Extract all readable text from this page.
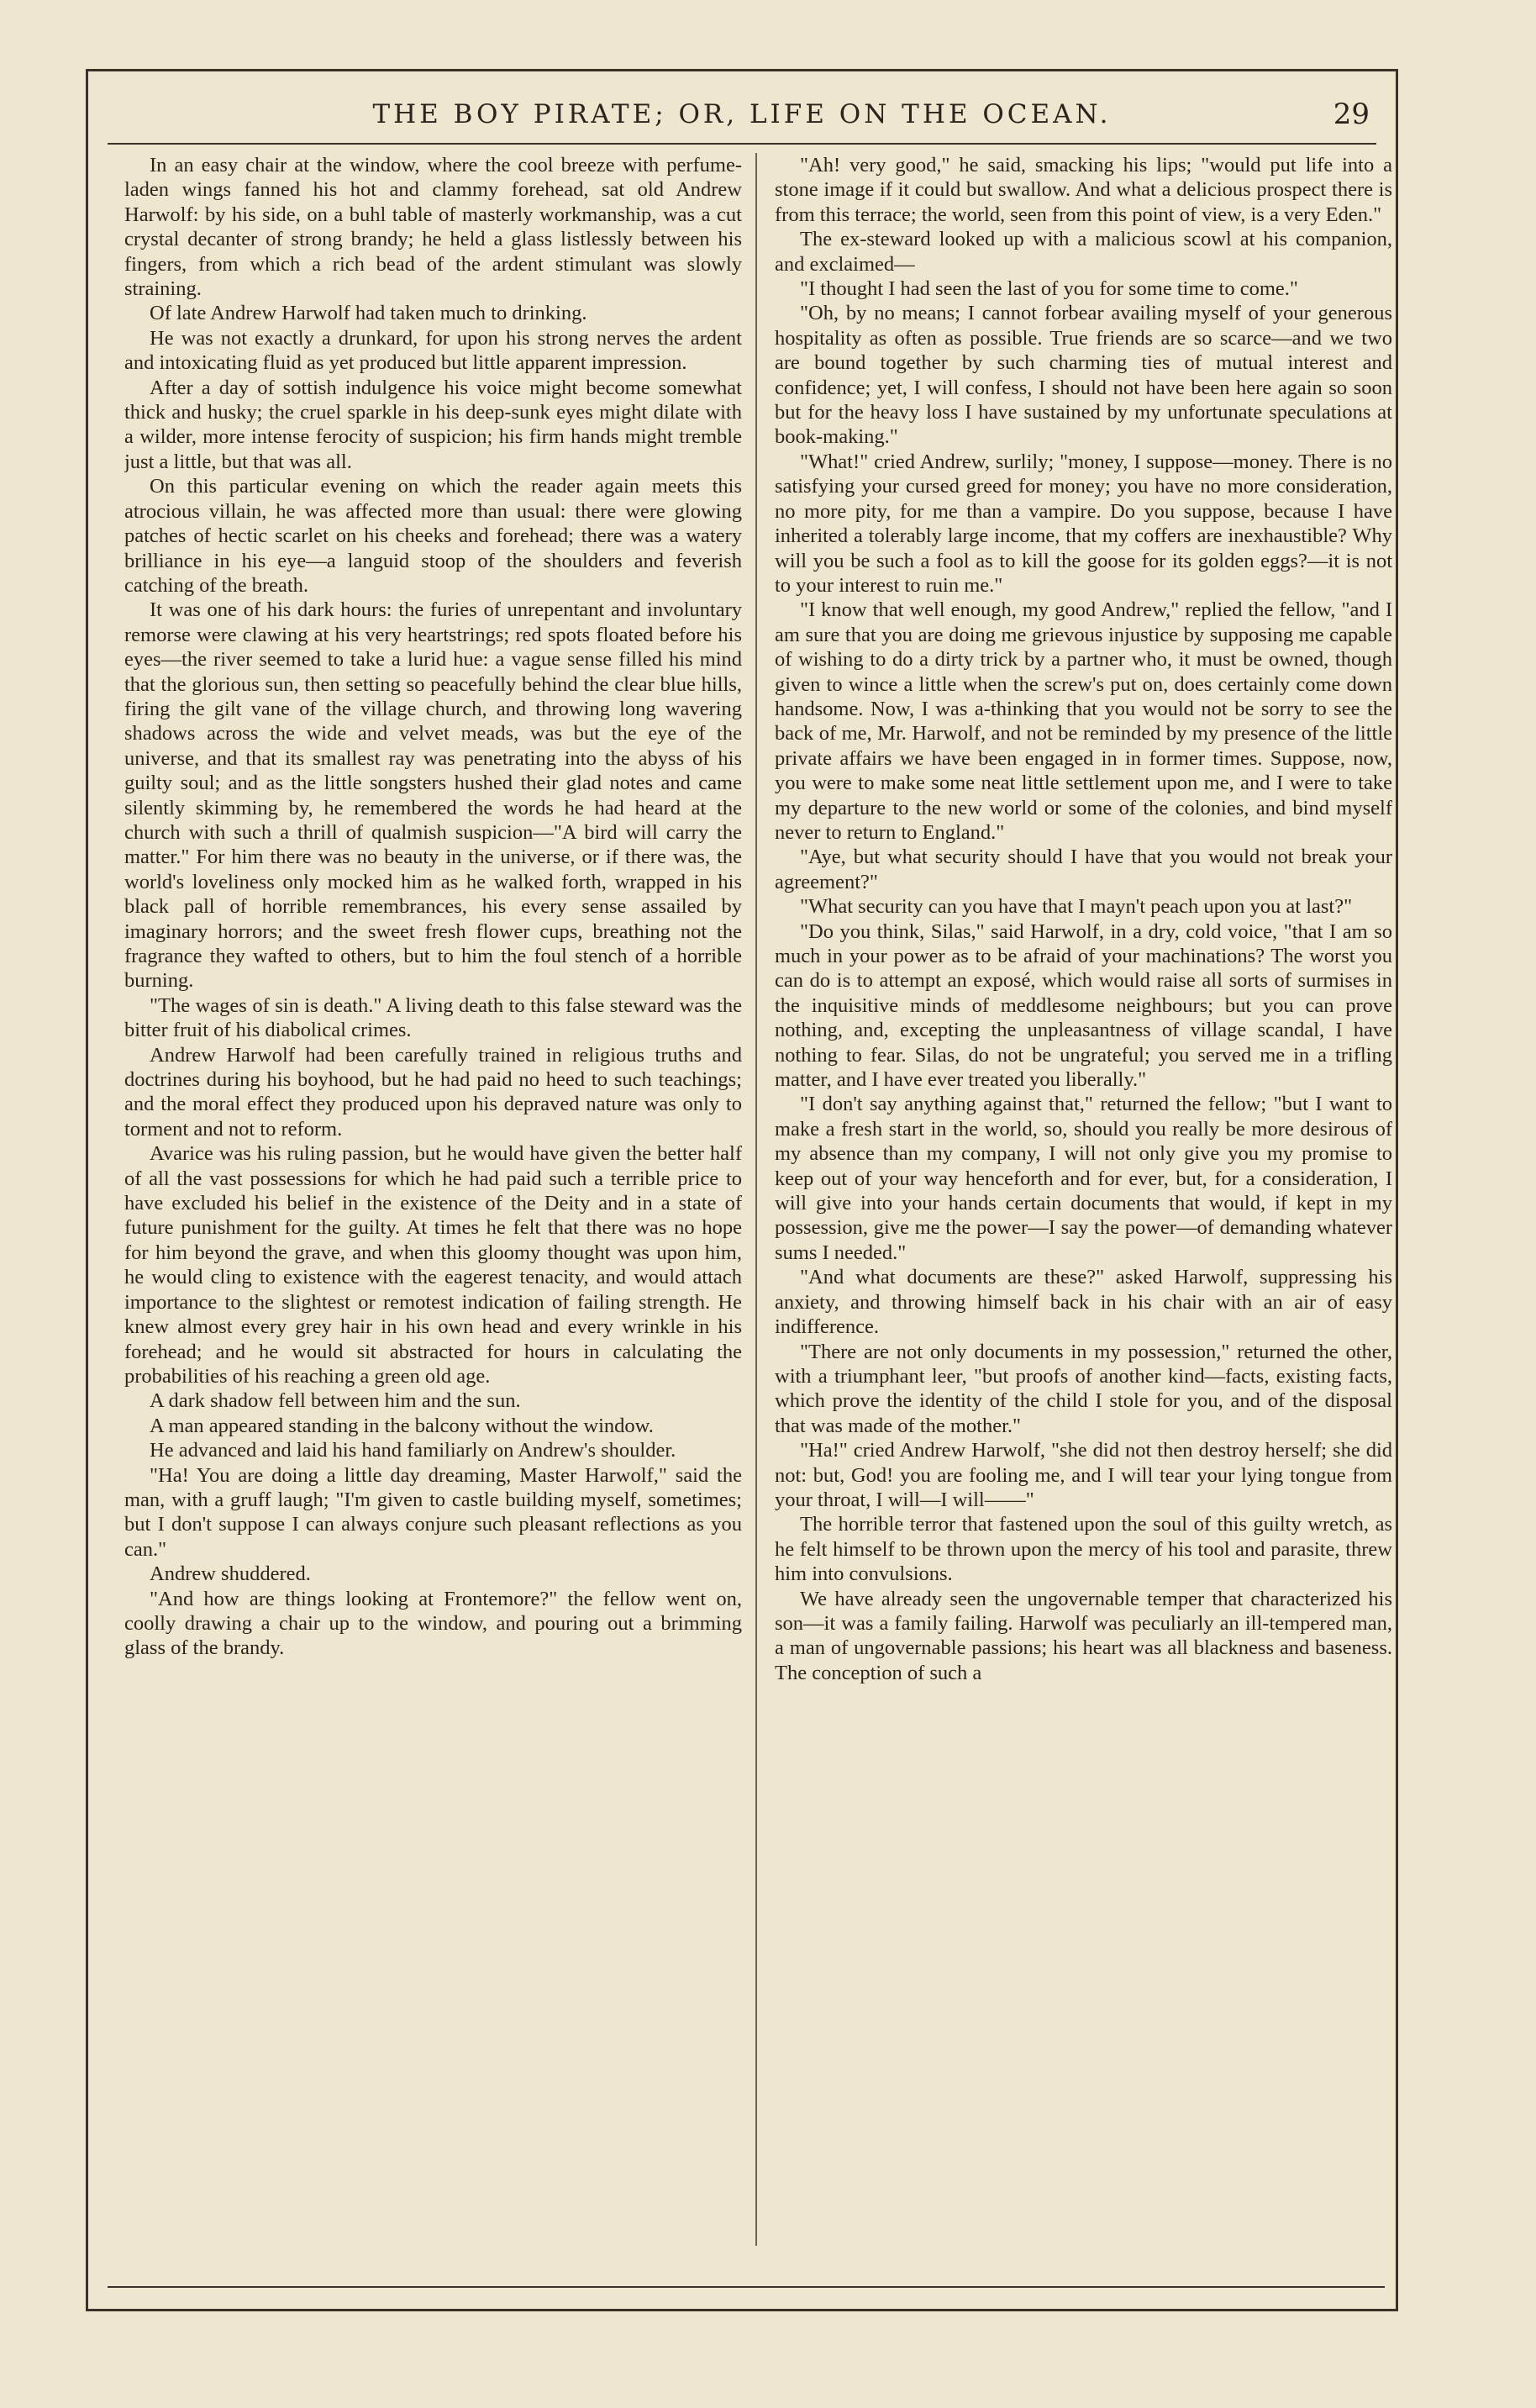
THE BOY PIRATE; OR, LIFE ON THE OCEAN.	29

In an easy chair at the window, where the cool breeze with perfume-laden wings fanned his hot and clammy forehead, sat old Andrew Harwolf: by his side, on a buhl table of masterly workmanship, was a cut crystal decanter of strong brandy; he held a glass listlessly between his fingers, from which a rich bead of the ardent stimulant was slowly straining.

Of late Andrew Harwolf had taken much to drinking.

He was not exactly a drunkard, for upon his strong nerves the ardent and intoxicating fluid as yet produced but little apparent impression.

After a day of sottish indulgence his voice might become somewhat thick and husky; the cruel sparkle in his deep-sunk eyes might dilate with a wilder, more intense ferocity of suspicion; his firm hands might tremble just a little, but that was all.

On this particular evening on which the reader again meets this atrocious villain, he was affected more than usual: there were glowing patches of hectic scarlet on his cheeks and forehead; there was a watery brilliance in his eye—a languid stoop of the shoulders and feverish catching of the breath.

It was one of his dark hours: the furies of unrepentant and involuntary remorse were clawing at his very heartstrings; red spots floated before his eyes—the river seemed to take a lurid hue: a vague sense filled his mind that the glorious sun, then setting so peacefully behind the clear blue hills, firing the gilt vane of the village church, and throwing long wavering shadows across the wide and velvet meads, was but the eye of the universe, and that its smallest ray was penetrating into the abyss of his guilty soul; and as the little songsters hushed their glad notes and came silently skimming by, he remembered the words he had heard at the church with such a thrill of qualmish suspicion—"A bird will carry the matter." For him there was no beauty in the universe, or if there was, the world's loveliness only mocked him as he walked forth, wrapped in his black pall of horrible remembrances, his every sense assailed by imaginary horrors; and the sweet fresh flower cups, breathing not the fragrance they wafted to others, but to him the foul stench of a horrible burning.

"The wages of sin is death." A living death to this false steward was the bitter fruit of his diabolical crimes.

Andrew Harwolf had been carefully trained in religious truths and doctrines during his boyhood, but he had paid no heed to such teachings; and the moral effect they produced upon his depraved nature was only to torment and not to reform.

Avarice was his ruling passion, but he would have given the better half of all the vast possessions for which he had paid such a terrible price to have excluded his belief in the existence of the Deity and in a state of future punishment for the guilty. At times he felt that there was no hope for him beyond the grave, and when this gloomy thought was upon him, he would cling to existence with the eagerest tenacity, and would attach importance to the slightest or remotest indication of failing strength. He knew almost every grey hair in his own head and every wrinkle in his forehead; and he would sit abstracted for hours in calculating the probabilities of his reaching a green old age.

A dark shadow fell between him and the sun.

A man appeared standing in the balcony without the window.

He advanced and laid his hand familiarly on Andrew's shoulder.

"Ha! You are doing a little day dreaming, Master Harwolf," said the man, with a gruff laugh; "I'm given to castle building myself, sometimes; but I don't suppose I can always conjure such pleasant reflections as you can."

Andrew shuddered.

"And how are things looking at Frontemore?" the fellow went on, coolly drawing a chair up to the window, and pouring out a brimming glass of the brandy.

"Ah! very good," he said, smacking his lips; "would put life into a stone image if it could but swallow. And what a delicious prospect there is from this terrace; the world, seen from this point of view, is a very Eden."

The ex-steward looked up with a malicious scowl at his companion, and exclaimed—

"I thought I had seen the last of you for some time to come."

"Oh, by no means; I cannot forbear availing myself of your generous hospitality as often as possible. True friends are so scarce—and we two are bound together by such charming ties of mutual interest and confidence; yet, I will confess, I should not have been here again so soon but for the heavy loss I have sustained by my unfortunate speculations at book-making."

"What!" cried Andrew, surlily; "money, I suppose—money. There is no satisfying your cursed greed for money; you have no more consideration, no more pity, for me than a vampire. Do you suppose, because I have inherited a tolerably large income, that my coffers are inexhaustible? Why will you be such a fool as to kill the goose for its golden eggs?—it is not to your interest to ruin me."

"I know that well enough, my good Andrew," replied the fellow, "and I am sure that you are doing me grievous injustice by supposing me capable of wishing to do a dirty trick by a partner who, it must be owned, though given to wince a little when the screw's put on, does certainly come down handsome. Now, I was a-thinking that you would not be sorry to see the back of me, Mr. Harwolf, and not be reminded by my presence of the little private affairs we have been engaged in in former times. Suppose, now, you were to make some neat little settlement upon me, and I were to take my departure to the new world or some of the colonies, and bind myself never to return to England."

"Aye, but what security should I have that you would not break your agreement?"

"What security can you have that I mayn't peach upon you at last?"

"Do you think, Silas," said Harwolf, in a dry, cold voice, "that I am so much in your power as to be afraid of your machinations? The worst you can do is to attempt an exposé, which would raise all sorts of surmises in the inquisitive minds of meddlesome neighbours; but you can prove nothing, and, excepting the unpleasantness of village scandal, I have nothing to fear. Silas, do not be ungrateful; you served me in a trifling matter, and I have ever treated you liberally."

"I don't say anything against that," returned the fellow; "but I want to make a fresh start in the world, so, should you really be more desirous of my absence than my company, I will not only give you my promise to keep out of your way henceforth and for ever, but, for a consideration, I will give into your hands certain documents that would, if kept in my possession, give me the power—I say the power—of demanding whatever sums I needed."

"And what documents are these?" asked Harwolf, suppressing his anxiety, and throwing himself back in his chair with an air of easy indifference.

"There are not only documents in my possession," returned the other, with a triumphant leer, "but proofs of another kind—facts, existing facts, which prove the identity of the child I stole for you, and of the disposal that was made of the mother."

"Ha!" cried Andrew Harwolf, "she did not then destroy herself; she did not: but, God! you are fooling me, and I will tear your lying tongue from your throat, I will—I will——"

The horrible terror that fastened upon the soul of this guilty wretch, as he felt himself to be thrown upon the mercy of his tool and parasite, threw him into convulsions.

We have already seen the ungovernable temper that characterized his son—it was a family failing. Harwolf was peculiarly an ill-tempered man, a man of ungovernable passions; his heart was all blackness and baseness. The conception of such a
